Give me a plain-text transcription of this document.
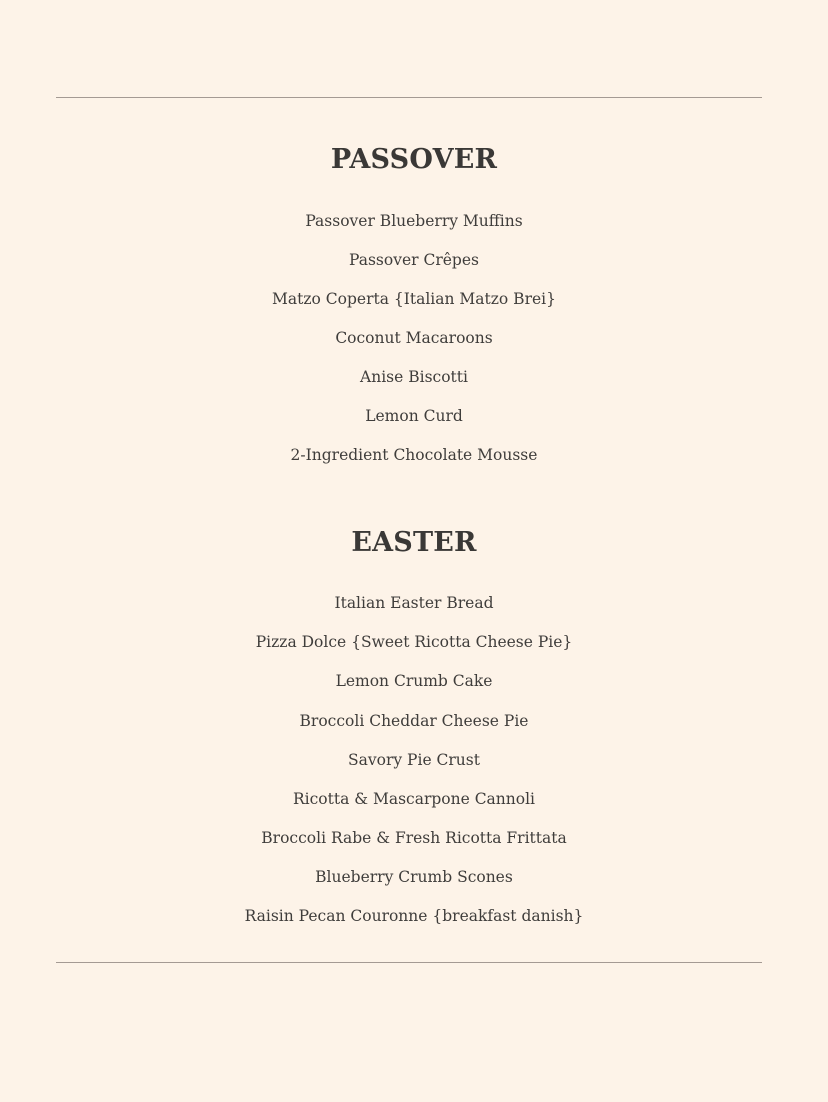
PASSOVER
Passover Blueberry Muffins
Passover Crêpes
Matzo Coperta {Italian Matzo Brei}
Coconut Macaroons
Anise Biscotti
Lemon Curd
2-Ingredient Chocolate Mousse
EASTER
Italian Easter Bread
Pizza Dolce {Sweet Ricotta Cheese Pie}
Lemon Crumb Cake
Broccoli Cheddar Cheese Pie
Savory Pie Crust
Ricotta & Mascarpone Cannoli
Broccoli Rabe & Fresh Ricotta Frittata
Blueberry Crumb Scones
Raisin Pecan Couronne {breakfast danish}
